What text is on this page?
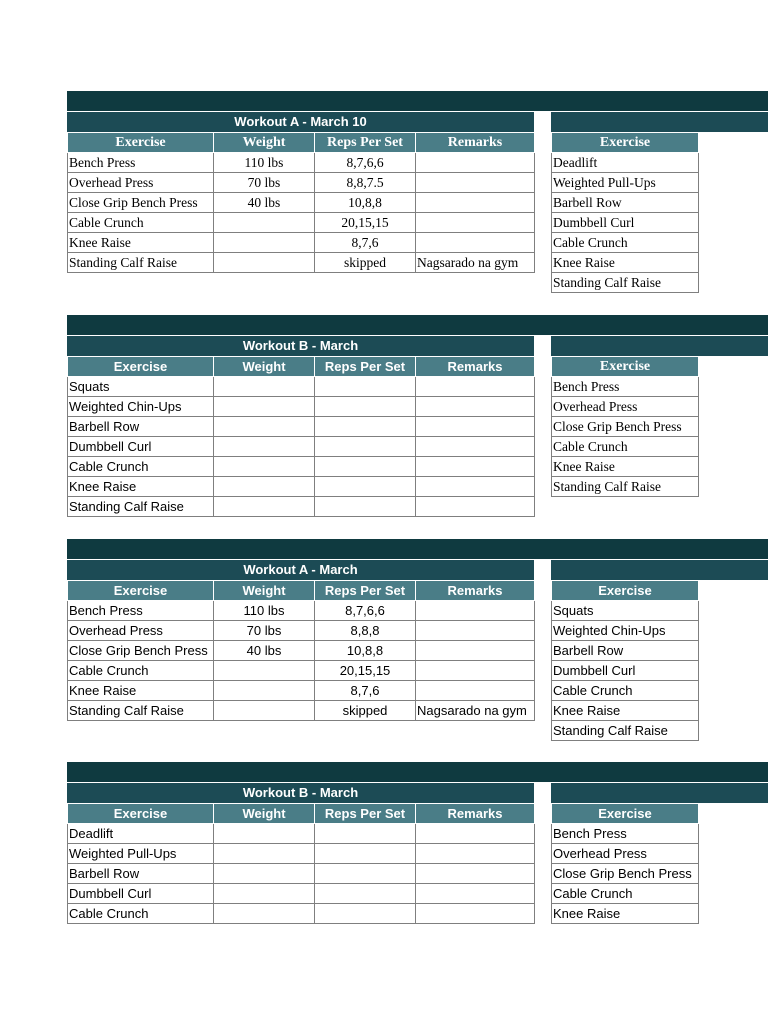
Workout A - March 10
Exercise	Weight	Reps Per Set	Remarks
Bench Press	110 lbs	8,7,6,6	
Overhead Press	70 lbs	8,8,7.5	
Close Grip Bench Press	40 lbs	10,8,8	
Cable Crunch		20,15,15	
Knee Raise		8,7,6	
Standing Calf Raise		skipped	Nagsarado na gym
Exercise
Deadlift
Weighted Pull-Ups
Barbell Row
Dumbbell Curl
Cable Crunch
Knee Raise
Standing Calf Raise
Workout B - March
Exercise	Weight	Reps Per Set	Remarks
Squats			
Weighted Chin-Ups			
Barbell Row			
Dumbbell Curl			
Cable Crunch			
Knee Raise			
Standing Calf Raise			
Exercise
Bench Press
Overhead Press
Close Grip Bench Press
Cable Crunch
Knee Raise
Standing Calf Raise
Workout A - March
Exercise	Weight	Reps Per Set	Remarks
Bench Press	110 lbs	8,7,6,6	
Overhead Press	70 lbs	8,8,8	
Close Grip Bench Press	40 lbs	10,8,8	
Cable Crunch		20,15,15	
Knee Raise		8,7,6	
Standing Calf Raise		skipped	Nagsarado na gym
Exercise
Squats
Weighted Chin-Ups
Barbell Row
Dumbbell Curl
Cable Crunch
Knee Raise
Standing Calf Raise
Workout B - March
Exercise	Weight	Reps Per Set	Remarks
Deadlift			
Weighted Pull-Ups			
Barbell Row			
Dumbbell Curl			
Cable Crunch			
Exercise
Bench Press
Overhead Press
Close Grip Bench Press
Cable Crunch
Knee Raise
